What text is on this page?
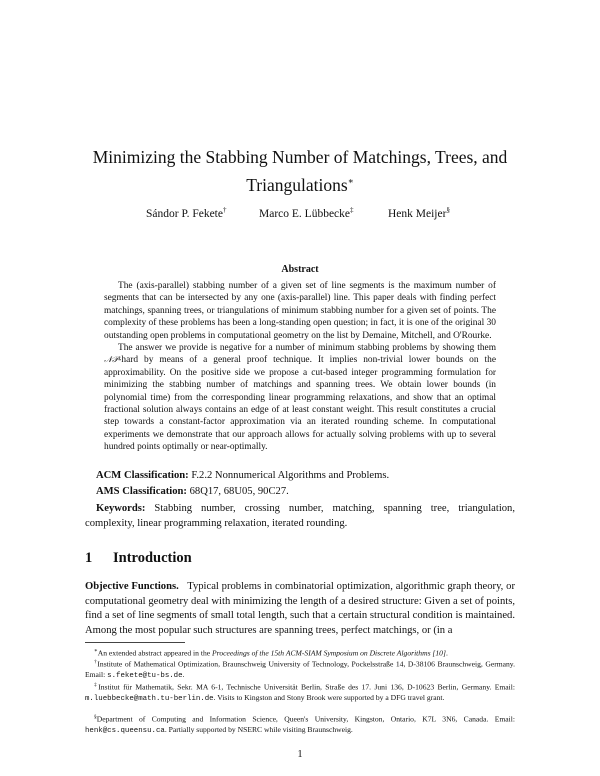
Minimizing the Stabbing Number of Matchings, Trees, and
Triangulations∗
Sándor P. Fekete†	Marco E. Lübbecke‡	Henk Meijer§
Abstract

The (axis-parallel) stabbing number of a given set of line segments is the maximum number of segments that can be intersected by any one (axis-parallel) line. This paper deals with finding perfect matchings, spanning trees, or triangulations of minimum stabbing number for a given set of points. The complexity of these problems has been a long-standing open question; in fact, it is one of the original 30 outstanding open problems in computational geometry on the list by Demaine, Mitchell, and O'Rourke.

The answer we provide is negative for a number of minimum stabbing problems by showing them 𝒩𝒫-hard by means of a general proof technique. It implies non-trivial lower bounds on the approximability. On the positive side we propose a cut-based integer programming formulation for minimizing the stabbing number of matchings and spanning trees. We obtain lower bounds (in polynomial time) from the corresponding linear programming relaxations, and show that an optimal fractional solution always contains an edge of at least constant weight. This result constitutes a crucial step towards a constant-factor approximation via an iterated rounding scheme. In computational experiments we demonstrate that our approach allows for actually solving problems with up to several hundred points optimally or near-optimally.

ACM Classification: F.2.2 Nonnumerical Algorithms and Problems.
AMS Classification: 68Q17, 68U05, 90C27.
Keywords: Stabbing number, crossing number, matching, spanning tree, triangulation, complexity, linear programming relaxation, iterated rounding.
1 Introduction

Objective Functions. Typical problems in combinatorial optimization, algorithmic graph theory, or computational geometry deal with minimizing the length of a desired structure: Given a set of points, find a set of line segments of small total length, such that a certain structural condition is maintained. Among the most popular such structures are spanning trees, perfect matchings, or (in a

∗An extended abstract appeared in the Proceedings of the 15th ACM-SIAM Symposium on Discrete Algorithms [10].
†Institute of Mathematical Optimization, Braunschweig University of Technology, Pockelsstraße 14, D-38106 Braunschweig, Germany. Email: s.fekete@tu-bs.de.
‡Institut für Mathematik, Sekr. MA 6-1, Technische Universität Berlin, Straße des 17. Juni 136, D-10623 Berlin, Germany. Email: m.luebbecke@math.tu-berlin.de. Visits to Kingston and Stony Brook were supported by a DFG travel grant.
§Department of Computing and Information Science, Queen's University, Kingston, Ontario, K7L 3N6, Canada. Email: henk@cs.queensu.ca. Partially supported by NSERC while visiting Braunschweig.
1
